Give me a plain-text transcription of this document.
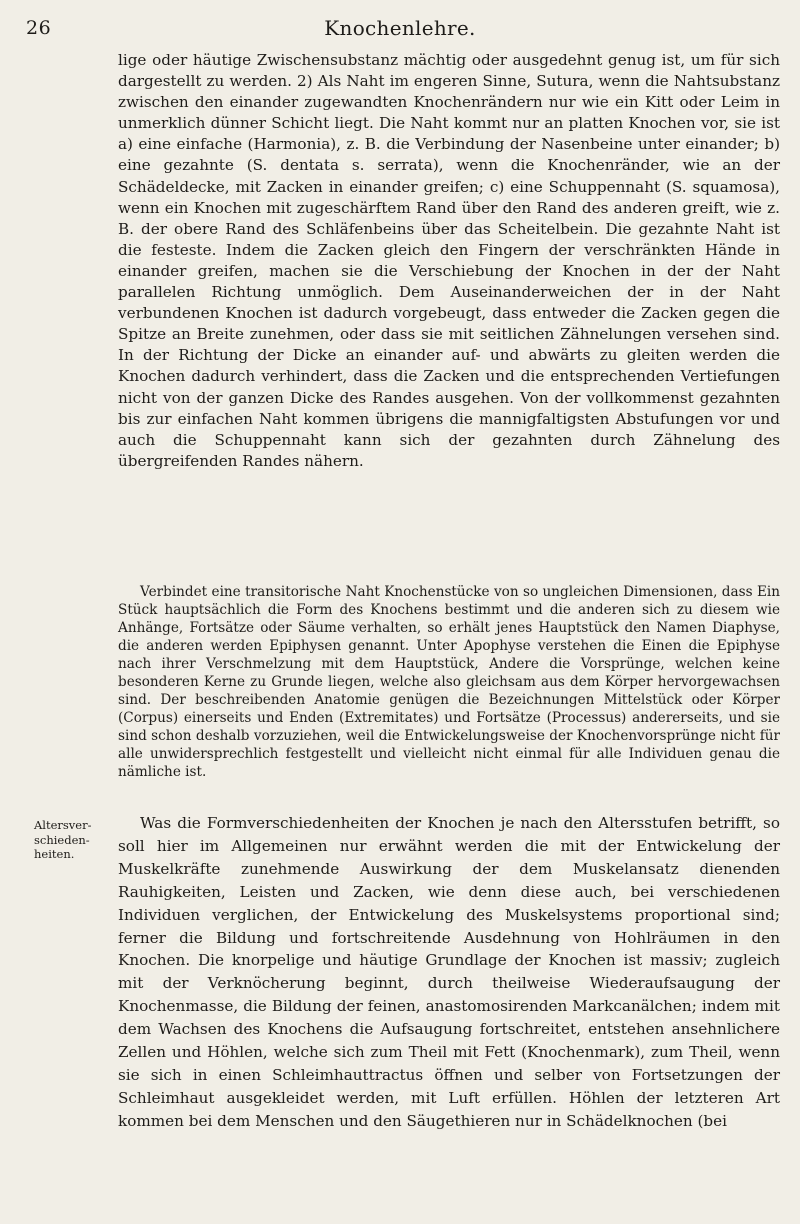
26	Knochenlehre.

lige oder häutige Zwischensubstanz mächtig oder ausgedehnt genug ist, um für sich dargestellt zu werden. 2) Als Naht im engeren Sinne, Sutura, wenn die Nahtsubstanz zwischen den einander zugewandten Knochenrändern nur wie ein Kitt oder Leim in unmerklich dünner Schicht liegt. Die Naht kommt nur an platten Knochen vor, sie ist a) eine einfache (Harmonia), z. B. die Verbindung der Nasenbeine unter einander; b) eine gezahnte (S. dentata s. serrata), wenn die Knochenränder, wie an der Schädeldecke, mit Zacken in einander greifen; c) eine Schuppennaht (S. squamosa), wenn ein Knochen mit zugeschärftem Rand über den Rand des anderen greift, wie z. B. der obere Rand des Schläfenbeins über das Scheitelbein. Die gezahnte Naht ist die festeste. Indem die Zacken gleich den Fingern der verschränkten Hände in einander greifen, machen sie die Verschiebung der Knochen in der der Naht parallelen Richtung unmöglich. Dem Auseinanderweichen der in der Naht verbundenen Knochen ist dadurch vorgebeugt, dass entweder die Zacken gegen die Spitze an Breite zunehmen, oder dass sie mit seitlichen Zähnelungen versehen sind. In der Richtung der Dicke an einander auf- und abwärts zu gleiten werden die Knochen dadurch verhindert, dass die Zacken und die entsprechenden Vertiefungen nicht von der ganzen Dicke des Randes ausgehen. Von der vollkommenst gezahnten bis zur einfachen Naht kommen übrigens die mannigfaltigsten Abstufungen vor und auch die Schuppennaht kann sich der gezahnten durch Zähnelung des übergreifenden Randes nähern.

Verbindet eine transitorische Naht Knochenstücke von so ungleichen Dimensionen, dass Ein Stück hauptsächlich die Form des Knochens bestimmt und die anderen sich zu diesem wie Anhänge, Fortsätze oder Säume verhalten, so erhält jenes Hauptstück den Namen Diaphyse, die anderen werden Epiphysen genannt. Unter Apophyse verstehen die Einen die Epiphyse nach ihrer Verschmelzung mit dem Hauptstück, Andere die Vorsprünge, welchen keine besonderen Kerne zu Grunde liegen, welche also gleichsam aus dem Körper hervorgewachsen sind. Der beschreibenden Anatomie genügen die Bezeichnungen Mittelstück oder Körper (Corpus) einerseits und Enden (Extremitates) und Fortsätze (Processus) andererseits, und sie sind schon deshalb vorzuziehen, weil die Entwickelungsweise der Knochenvorsprünge nicht für alle unwidersprechlich festgestellt und vielleicht nicht einmal für alle Individuen genau die nämliche ist.

Altersver-
schieden-
heiten.

Was die Formverschiedenheiten der Knochen je nach den Altersstufen betrifft, so soll hier im Allgemeinen nur erwähnt werden die mit der Entwickelung der Muskelkräfte zunehmende Auswirkung der dem Muskelansatz dienenden Rauhigkeiten, Leisten und Zacken, wie denn diese auch, bei verschiedenen Individuen verglichen, der Entwickelung des Muskelsystems proportional sind; ferner die Bildung und fortschreitende Ausdehnung von Hohlräumen in den Knochen. Die knorpelige und häutige Grundlage der Knochen ist massiv; zugleich mit der Verknöcherung beginnt, durch theilweise Wiederaufsaugung der Knochenmasse, die Bildung der feinen, anastomosirenden Markcanälchen; indem mit dem Wachsen des Knochens die Aufsaugung fortschreitet, entstehen ansehnlichere Zellen und Höhlen, welche sich zum Theil mit Fett (Knochenmark), zum Theil, wenn sie sich in einen Schleimhauttractus öffnen und selber von Fortsetzungen der Schleimhaut ausgekleidet werden, mit Luft erfüllen. Höhlen der letzteren Art kommen bei dem Menschen und den Säugethieren nur in Schädelknochen (bei
